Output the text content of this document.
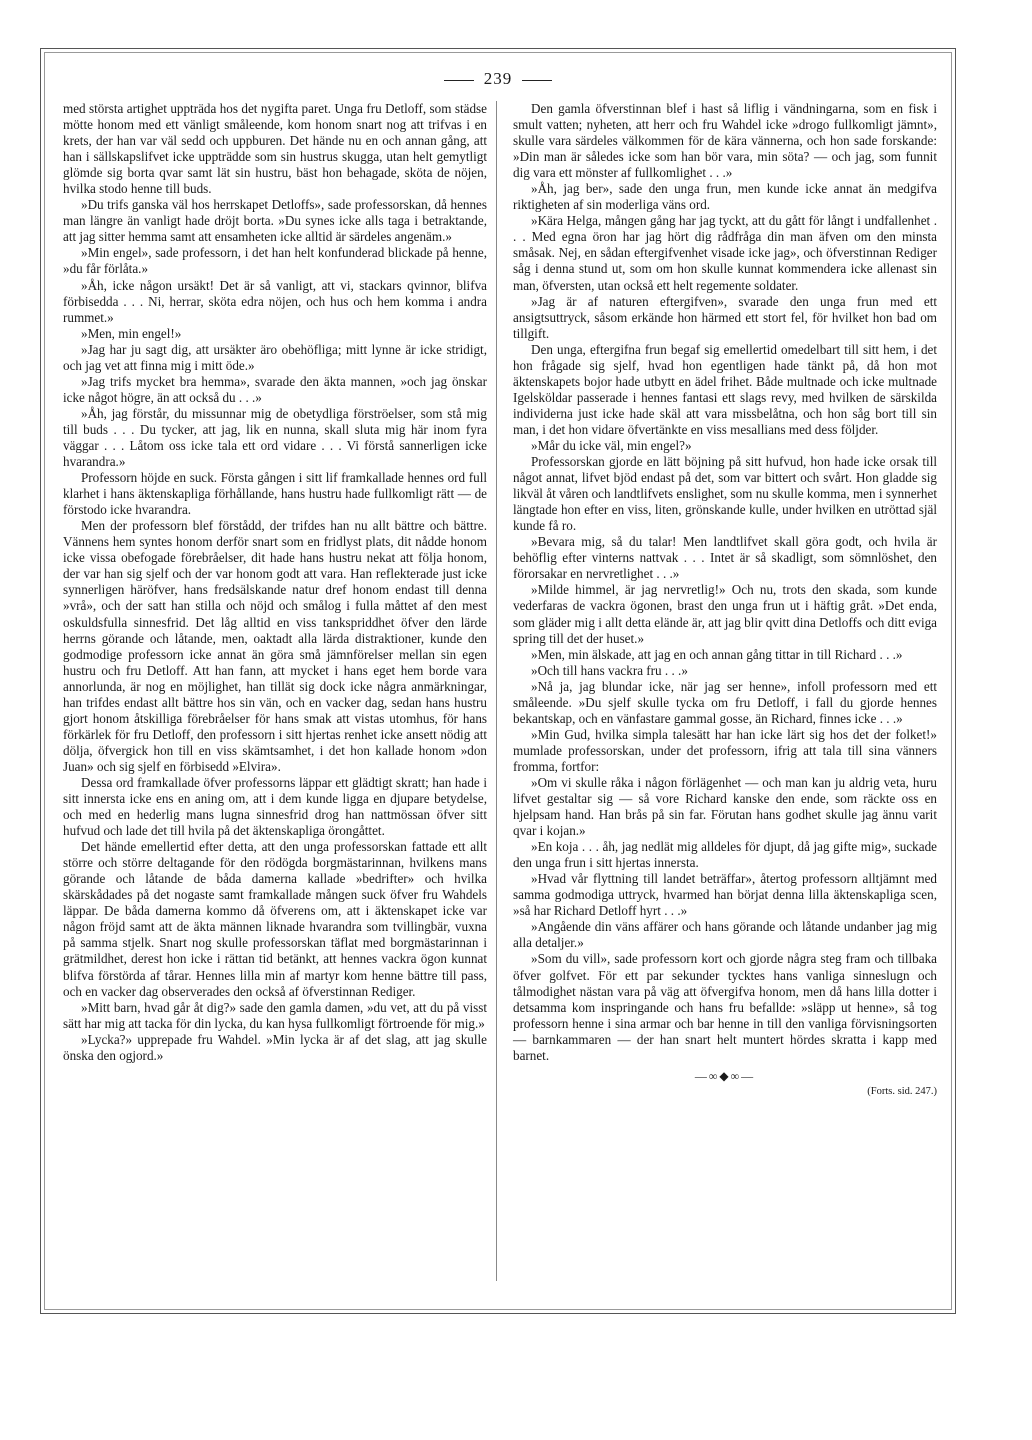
239

med största artighet uppträda hos det nygifta paret. Unga fru Detloff, som städse mötte honom med ett vänligt småleende, kom honom snart nog att trifvas i en krets, der han var väl sedd och uppburen. Det hände nu en och annan gång, att han i sällskapslifvet icke uppträdde som sin hustrus skugga, utan helt gemytligt glömde sig borta qvar samt lät sin hustru, bäst hon behagade, sköta de nöjen, hvilka stodo henne till buds.

»Du trifs ganska väl hos herrskapet Detloffs», sade professorskan, då hennes man längre än vanligt hade dröjt borta. »Du synes icke alls taga i betraktande, att jag sitter hemma samt att ensamheten icke alltid är särdeles angenäm.»

»Min engel», sade professorn, i det han helt konfunderad blickade på henne, »du får förlåta.»

»Åh, icke någon ursäkt! Det är så vanligt, att vi, stackars qvinnor, blifva förbisedda . . . Ni, herrar, sköta edra nöjen, och hus och hem komma i andra rummet.»

»Men, min engel!»

»Jag har ju sagt dig, att ursäkter äro obehöfliga; mitt lynne är icke stridigt, och jag vet att finna mig i mitt öde.»

»Jag trifs mycket bra hemma», svarade den äkta mannen, »och jag önskar icke något högre, än att också du . . .»

»Åh, jag förstår, du missunnar mig de obetydliga förströelser, som stå mig till buds . . . Du tycker, att jag, lik en nunna, skall sluta mig här inom fyra väggar . . . Låtom oss icke tala ett ord vidare . . . Vi förstå sannerligen icke hvarandra.»

Professorn höjde en suck. Första gången i sitt lif framkallade hennes ord full klarhet i hans äktenskapliga förhållande, hans hustru hade fullkomligt rätt — de förstodo icke hvarandra.

Men der professorn blef förstådd, der trifdes han nu allt bättre och bättre. Vännens hem syntes honom derför snart som en fridlyst plats, dit nådde honom icke vissa obefogade förebråelser, dit hade hans hustru nekat att följa honom, der var han sig sjelf och der var honom godt att vara. Han reflekterade just icke synnerligen häröfver, hans fredsälskande natur dref honom endast till denna »vrå», och der satt han stilla och nöjd och smålog i fulla måttet af den mest oskuldsfulla sinnesfrid. Det låg alltid en viss tankspriddhet öfver den lärde herrns görande och låtande, men, oaktadt alla lärda distraktioner, kunde den godmodige professorn icke annat än göra små jämnförelser mellan sin egen hustru och fru Detloff. Att han fann, att mycket i hans eget hem borde vara annorlunda, är nog en möjlighet, han tillät sig dock icke några anmärkningar, han trifdes endast allt bättre hos sin vän, och en vacker dag, sedan hans hustru gjort honom åtskilliga förebråelser för hans smak att vistas utomhus, för hans förkärlek för fru Detloff, den professorn i sitt hjertas renhet icke ansett nödig att dölja, öfvergick hon till en viss skämtsamhet, i det hon kallade honom »don Juan» och sig sjelf en förbisedd »Elvira».

Dessa ord framkallade öfver professorns läppar ett glädtigt skratt; han hade i sitt innersta icke ens en aning om, att i dem kunde ligga en djupare betydelse, och med en hederlig mans lugna sinnesfrid drog han nattmössan öfver sitt hufvud och lade det till hvila på det äktenskapliga örongåttet.

Det hände emellertid efter detta, att den unga professorskan fattade ett allt större och större deltagande för den rödögda borgmästarinnan, hvilkens mans görande och låtande de båda damerna kallade »bedrifter» och hvilka skärskådades på det nogaste samt framkallade mången suck öfver fru Wahdels läppar. De båda damerna kommo då öfverens om, att i äktenskapet icke var någon fröjd samt att de äkta männen liknade hvarandra som tvillingbär, vuxna på samma stjelk. Snart nog skulle professorskan täflat med borgmästarinnan i grätmildhet, derest hon icke i rättan tid betänkt, att hennes vackra ögon kunnat blifva förstörda af tårar. Hennes lilla min af martyr kom henne bättre till pass, och en vacker dag observerades den också af öfverstinnan Rediger.

»Mitt barn, hvad går åt dig?» sade den gamla damen, »du vet, att du på visst sätt har mig att tacka för din lycka, du kan hysa fullkomligt förtroende för mig.»

»Lycka?» upprepade fru Wahdel. »Min lycka är af det slag, att jag skulle önska den ogjord.»

Den gamla öfverstinnan blef i hast så liflig i vändningarna, som en fisk i smult vatten; nyheten, att herr och fru Wahdel icke »drogo fullkomligt jämnt», skulle vara särdeles välkommen för de kära vännerna, och hon sade forskande: »Din man är således icke som han bör vara, min söta? — och jag, som funnit dig vara ett mönster af fullkomlighet . . .»

»Åh, jag ber», sade den unga frun, men kunde icke annat än medgifva riktigheten af sin moderliga väns ord.

»Kära Helga, mången gång har jag tyckt, att du gått för långt i undfallenhet . . . Med egna öron har jag hört dig rådfråga din man äfven om den minsta småsak. Nej, en sådan eftergifvenhet visade icke jag», och öfverstinnan Rediger såg i denna stund ut, som om hon skulle kunnat kommendera icke allenast sin man, öfversten, utan också ett helt regemente soldater.

»Jag är af naturen eftergifven», svarade den unga frun med ett ansigtsuttryck, såsom erkände hon härmed ett stort fel, för hvilket hon bad om tillgift.

Den unga, eftergifna frun begaf sig emellertid omedelbart till sitt hem, i det hon frågade sig sjelf, hvad hon egentligen hade tänkt på, då hon mot äktenskapets bojor hade utbytt en ädel frihet. Både multnade och icke multnade Igelsköldar passerade i hennes fantasi ett slags revy, med hvilken de särskilda individerna just icke hade skäl att vara missbelåtna, och hon såg bort till sin man, i det hon vidare öfvertänkte en viss mesallians med dess följder.

»Mår du icke väl, min engel?»

Professorskan gjorde en lätt böjning på sitt hufvud, hon hade icke orsak till något annat, lifvet bjöd endast på det, som var bittert och svårt. Hon gladde sig likväl åt våren och landtlifvets enslighet, som nu skulle komma, men i synnerhet längtade hon efter en viss, liten, grönskande kulle, under hvilken en utröttad själ kunde få ro.

»Bevara mig, så du talar! Men landtlifvet skall göra godt, och hvila är behöflig efter vinterns nattvak . . . Intet är så skadligt, som sömnlöshet, den förorsakar en nervretlighet . . .»

»Milde himmel, är jag nervretlig!» Och nu, trots den skada, som kunde vederfaras de vackra ögonen, brast den unga frun ut i häftig gråt. »Det enda, som gläder mig i allt detta elände är, att jag blir qvitt dina Detloffs och ditt eviga spring till det der huset.»

»Men, min älskade, att jag en och annan gång tittar in till Richard . . .»

»Och till hans vackra fru . . .»

»Nå ja, jag blundar icke, när jag ser henne», infoll professorn med ett småleende. »Du sjelf skulle tycka om fru Detloff, i fall du gjorde hennes bekantskap, och en vänfastare gammal gosse, än Richard, finnes icke . . .»

»Min Gud, hvilka simpla talesätt har han icke lärt sig hos det der folket!» mumlade professorskan, under det professorn, ifrig att tala till sina vänners fromma, fortfor:

»Om vi skulle råka i någon förlägenhet — och man kan ju aldrig veta, huru lifvet gestaltar sig — så vore Richard kanske den ende, som räckte oss en hjelpsam hand. Han brås på sin far. Förutan hans godhet skulle jag ännu varit qvar i kojan.»

»En koja . . . åh, jag nedlät mig alldeles för djupt, då jag gifte mig», suckade den unga frun i sitt hjertas innersta.

»Hvad vår flyttning till landet beträffar», återtog professorn alltjämnt med samma godmodiga uttryck, hvarmed han börjat denna lilla äktenskapliga scen, »så har Richard Detloff hyrt . . .»

»Angående din väns affärer och hans görande och låtande undanber jag mig alla detaljer.»

»Som du vill», sade professorn kort och gjorde några steg fram och tillbaka öfver golfvet. För ett par sekunder tycktes hans vanliga sinneslugn och tålmodighet nästan vara på väg att öfvergifva honom, men då hans lilla dotter i detsamma kom inspringande och hans fru befallde: »släpp ut henne», så tog professorn henne i sina armar och bar henne in till den vanliga förvisningsorten — barnkammaren — der han snart helt muntert hördes skratta i kapp med barnet.

—∞◆∞—

(Forts. sid. 247.)
